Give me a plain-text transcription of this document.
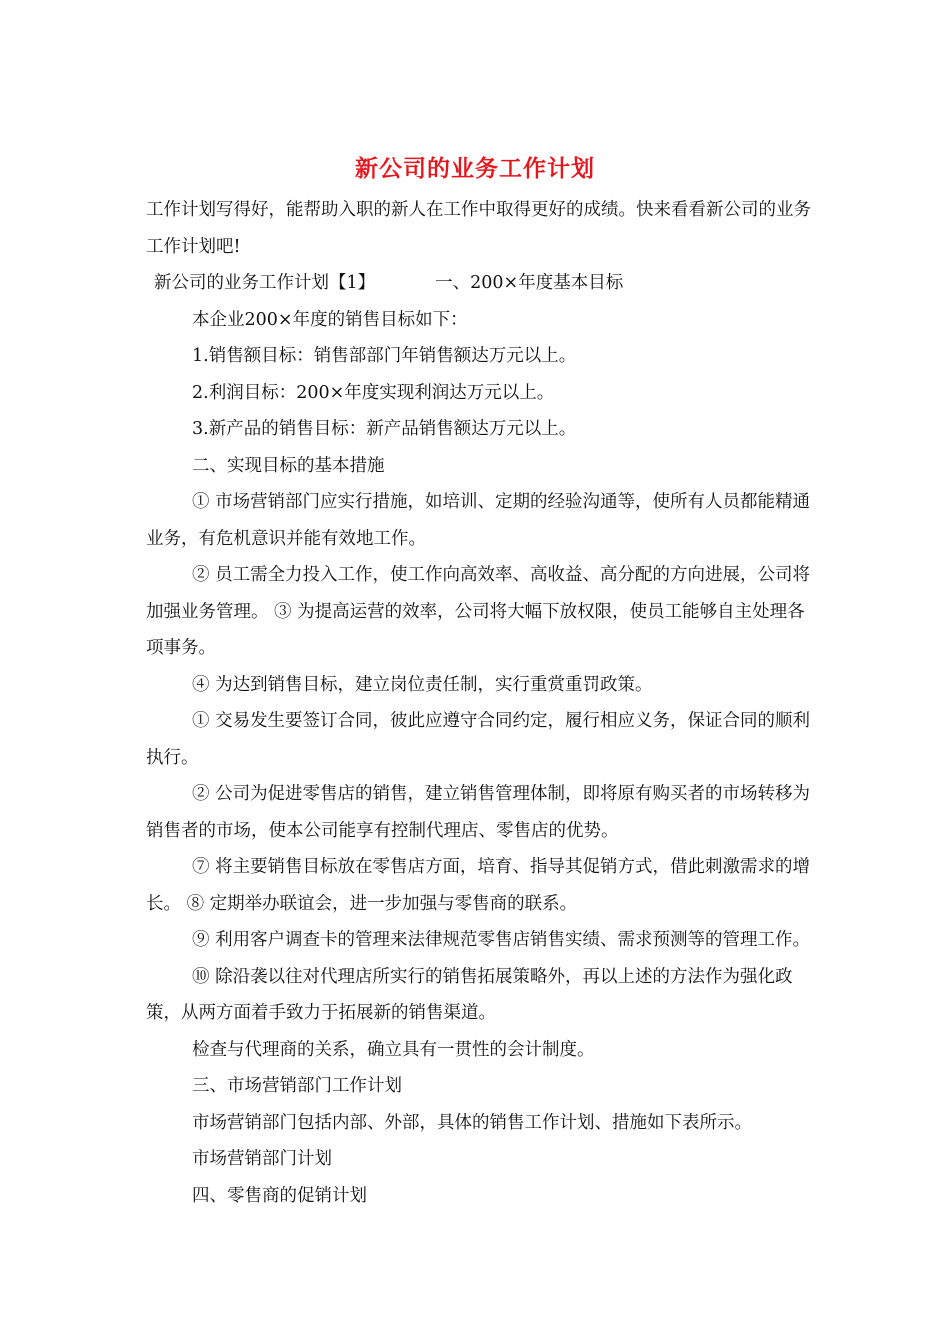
新公司的业务工作计划

工作计划写得好，能帮助入职的新人在工作中取得更好的成绩。快来看看新公司的业务工作计划吧!

新公司的业务工作计划【1】	一、200×年度基本目标

本企业200×年度的销售目标如下：

1.销售额目标：销售部部门年销售额达万元以上。

2.利润目标：200×年度实现利润达万元以上。

3.新产品的销售目标：新产品销售额达万元以上。

二、实现目标的基本措施

① 市场营销部门应实行措施，如培训、定期的经验沟通等，使所有人员都能精通业务，有危机意识并能有效地工作。

② 员工需全力投入工作，使工作向高效率、高收益、高分配的方向进展，公司将加强业务管理。 ③ 为提高运营的效率，公司将大幅下放权限，使员工能够自主处理各项事务。

④ 为达到销售目标，建立岗位责任制，实行重赏重罚政策。

① 交易发生要签订合同，彼此应遵守合同约定，履行相应义务，保证合同的顺利执行。

② 公司为促进零售店的销售，建立销售管理体制，即将原有购买者的市场转移为销售者的市场，使本公司能享有控制代理店、零售店的优势。

⑦ 将主要销售目标放在零售店方面，培育、指导其促销方式，借此刺激需求的增长。 ⑧ 定期举办联谊会，进一步加强与零售商的联系。

⑨ 利用客户调查卡的管理来法律规范零售店销售实绩、需求预测等的管理工作。

⑩ 除沿袭以往对代理店所实行的销售拓展策略外，再以上述的方法作为强化政策，从两方面着手致力于拓展新的销售渠道。

检查与代理商的关系，确立具有一贯性的会计制度。

三、市场营销部门工作计划

市场营销部门包括内部、外部，具体的销售工作计划、措施如下表所示。

市场营销部门计划

四、零售商的促销计划
